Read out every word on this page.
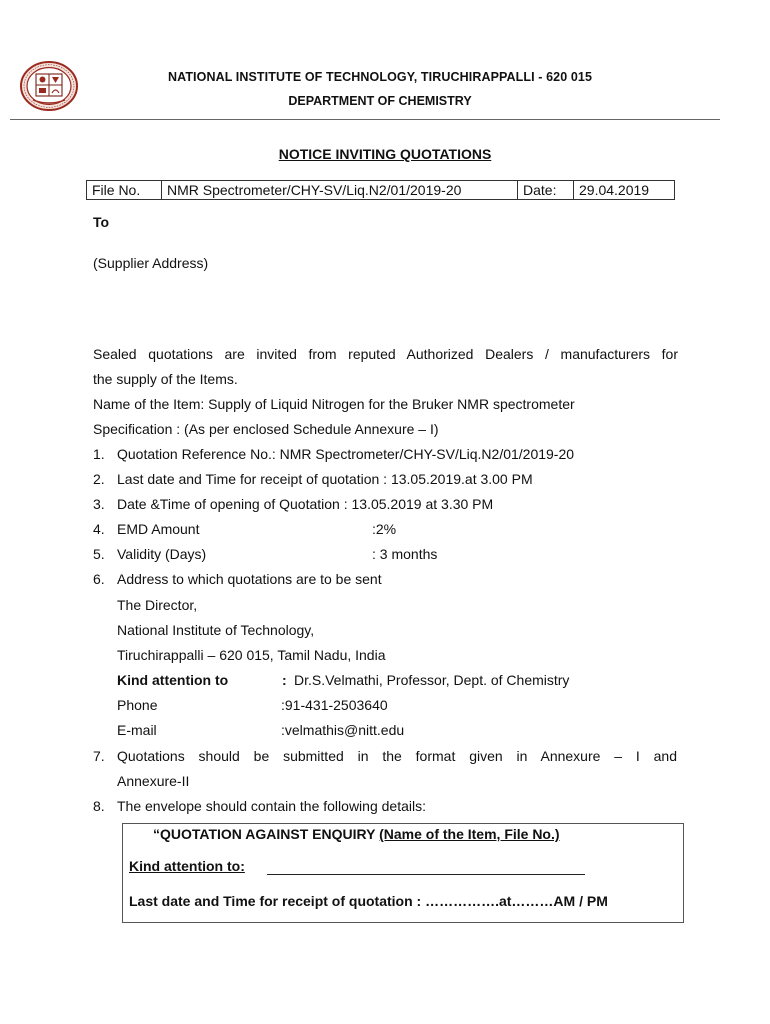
NATIONAL INSTITUTE OF TECHNOLOGY, TIRUCHIRAPPALLI - 620 015
DEPARTMENT OF CHEMISTRY
NOTICE INVITING QUOTATIONS
File No.	NMR Spectrometer/CHY-SV/Liq.N2/01/2019-20	Date:	29.04.2019
To
(Supplier Address)
Sealed quotations are invited from reputed Authorized Dealers / manufacturers for
the supply of the Items.
Name of the Item: Supply of Liquid Nitrogen for the Bruker NMR spectrometer
Specification : (As per enclosed Schedule Annexure – I)
1. Quotation Reference No.: NMR Spectrometer/CHY-SV/Liq.N2/01/2019-20
2. Last date and Time for receipt of quotation : 13.05.2019.at 3.00 PM
3. Date &Time of opening of Quotation : 13.05.2019 at 3.30 PM
4. EMD Amount	:2%
5. Validity (Days)	: 3 months
6. Address to which quotations are to be sent
The Director,
National Institute of Technology,
Tiruchirappalli – 620 015, Tamil Nadu, India
Kind attention to	: Dr.S.Velmathi, Professor, Dept. of Chemistry
Phone	:91-431-2503640
E-mail	:velmathis@nitt.edu
7. Quotations should be submitted in the format given in Annexure – I and
Annexure-II
8. The envelope should contain the following details:
“QUOTATION AGAINST ENQUIRY (Name of the Item, File No.)
Kind attention to:
Last date and Time for receipt of quotation : …………….at………AM / PM
